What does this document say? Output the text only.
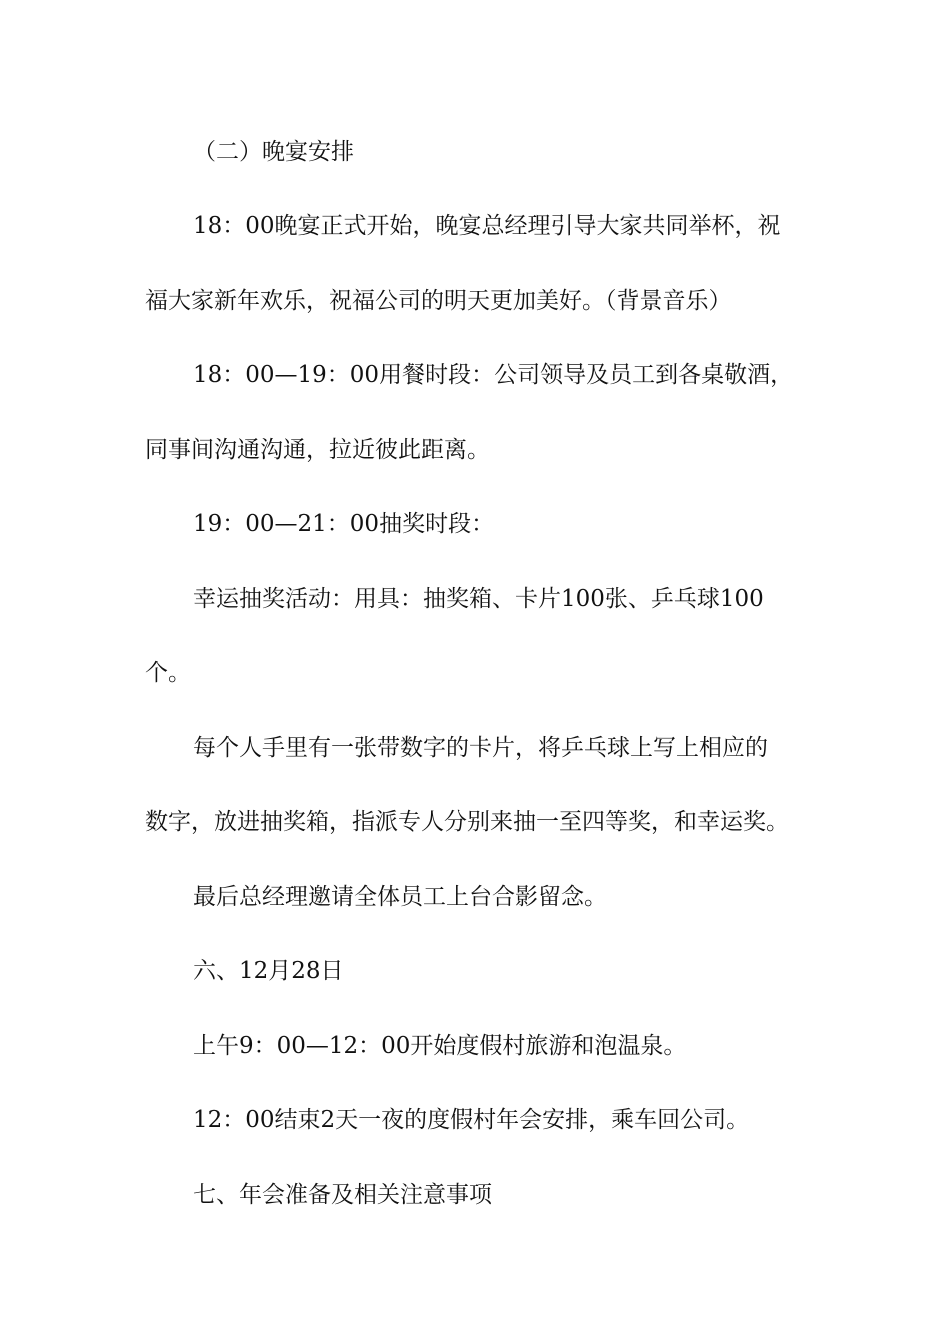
（二）晚宴安排

18：00晚宴正式开始，晚宴总经理引导大家共同举杯，祝

福大家新年欢乐，祝福公司的明天更加美好。（背景音乐）

18：00—19：00用餐时段：公司领导及员工到各桌敬酒，

同事间沟通沟通，拉近彼此距离。

19：00—21：00抽奖时段：

幸运抽奖活动：用具：抽奖箱、卡片100张、乒乓球100

个。

每个人手里有一张带数字的卡片，将乒乓球上写上相应的

数字，放进抽奖箱，指派专人分别来抽一至四等奖，和幸运奖。

最后总经理邀请全体员工上台合影留念。

六、12月28日

上午9：00—12：00开始度假村旅游和泡温泉。

12：00结束2天一夜的度假村年会安排，乘车回公司。

七、年会准备及相关注意事项
